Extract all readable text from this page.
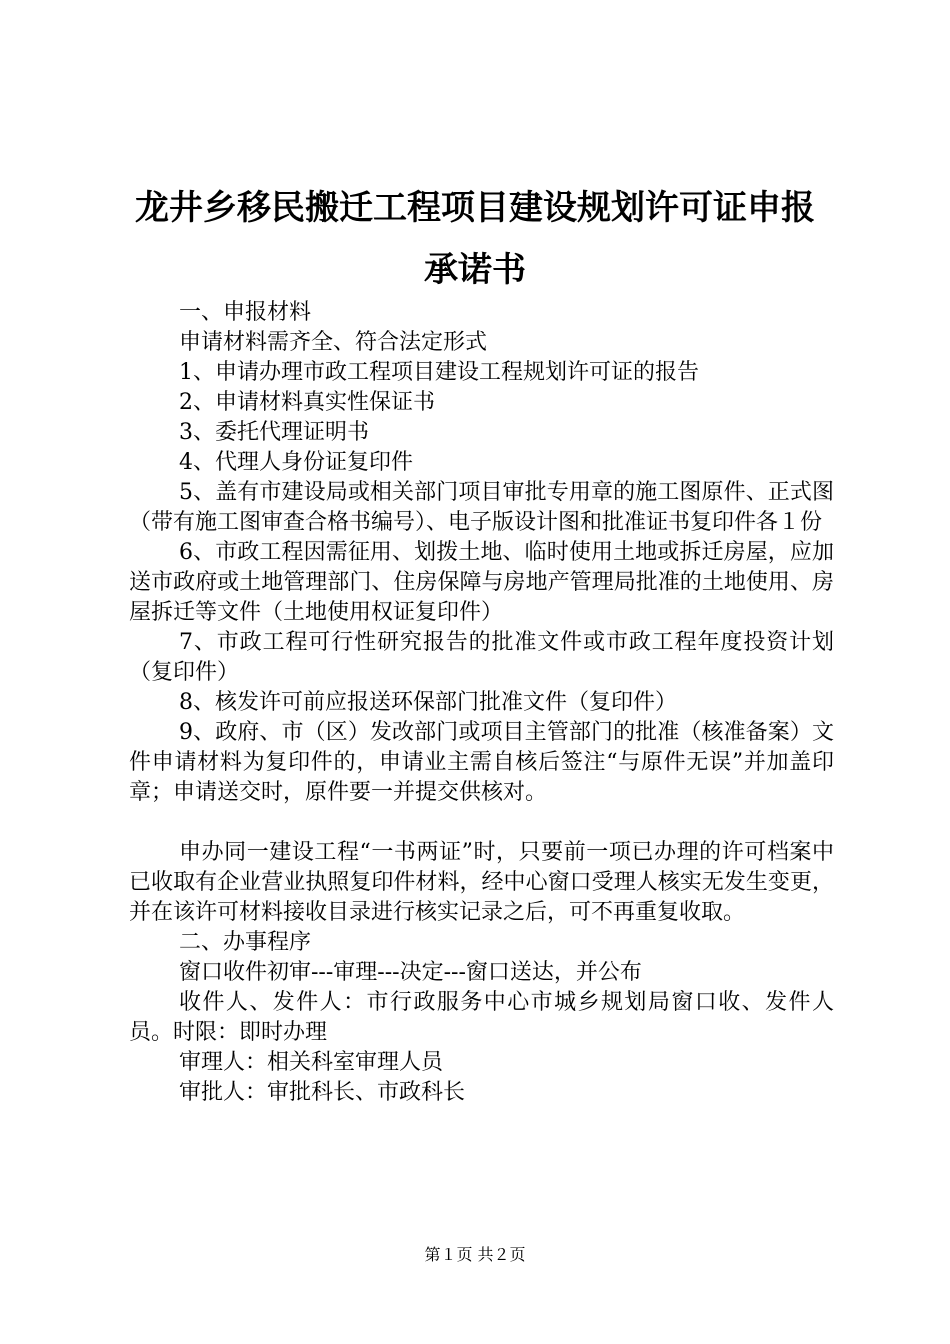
龙井乡移民搬迁工程项目建设规划许可证申报
承诺书

一、申报材料

申请材料需齐全、符合法定形式

1、申请办理市政工程项目建设工程规划许可证的报告

2、申请材料真实性保证书

3、委托代理证明书

4、代理人身份证复印件

5、盖有市建设局或相关部门项目审批专用章的施工图原件、正式图（带有施工图审查合格书编号）、电子版设计图和批准证书复印件各１份

6、市政工程因需征用、划拨土地、临时使用土地或拆迁房屋，应加送市政府或土地管理部门、住房保障与房地产管理局批准的土地使用、房屋拆迁等文件（土地使用权证复印件）

7、市政工程可行性研究报告的批准文件或市政工程年度投资计划（复印件）

8、核发许可前应报送环保部门批准文件（复印件）

9、政府、市（区）发改部门或项目主管部门的批准（核准备案）文件申请材料为复印件的，申请业主需自核后签注“与原件无误”并加盖印章；申请送交时，原件要一并提交供核对。

申办同一建设工程“一书两证”时，只要前一项已办理的许可档案中已收取有企业营业执照复印件材料，经中心窗口受理人核实无发生变更，并在该许可材料接收目录进行核实记录之后，可不再重复收取。

二、办事程序

窗口收件初审---审理---决定---窗口送达，并公布

收件人、发件人：市行政服务中心市城乡规划局窗口收、发件人员。时限：即时办理

审理人：相关科室审理人员

审批人：审批科长、市政科长

第１页 共２页
